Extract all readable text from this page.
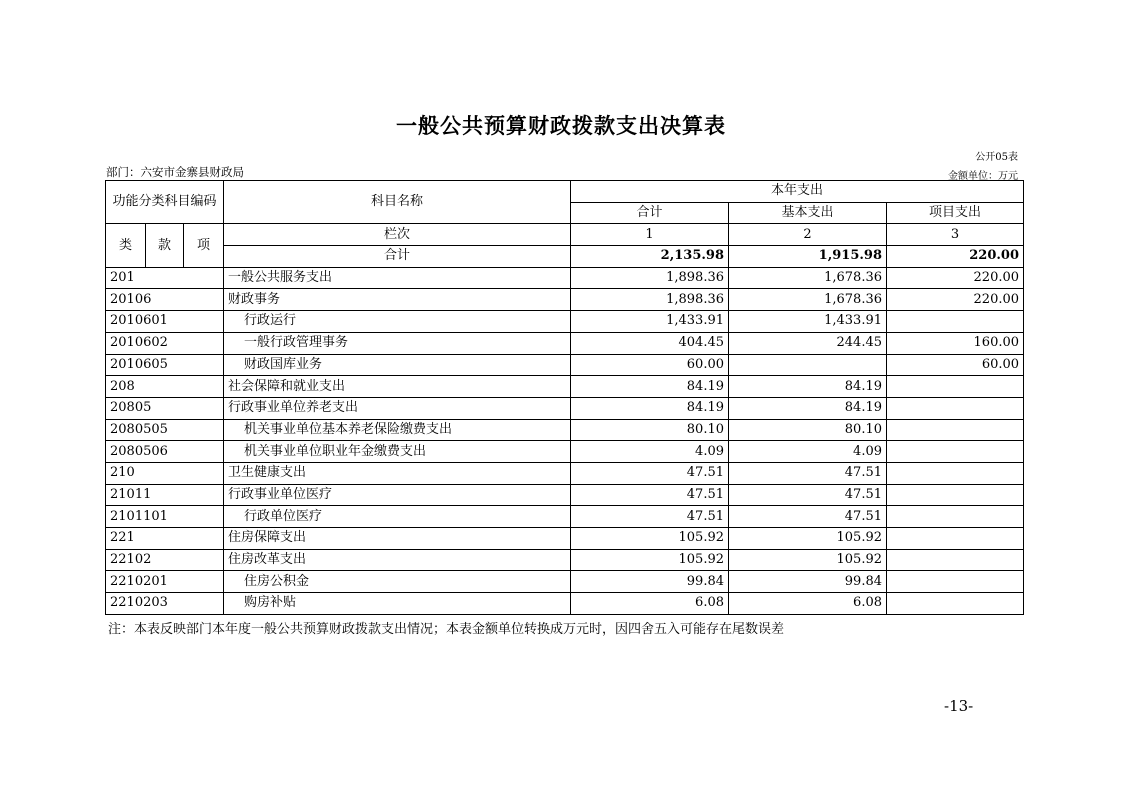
一般公共预算财政拨款支出决算表
公开05表
部门：六安市金寨县财政局	金额单位：万元
功能分类科目编码			科目名称	本年支出		
				合计	基本支出	项目支出
类	款	项	栏次	1	2	3
			合计	2,135.98	1,915.98	220.00
201			一般公共服务支出	1,898.36	1,678.36	220.00
20106			财政事务	1,898.36	1,678.36	220.00
2010601			行政运行	1,433.91	1,433.91	
2010602			一般行政管理事务	404.45	244.45	160.00
2010605			财政国库业务	60.00		60.00
208			社会保障和就业支出	84.19	84.19	
20805			行政事业单位养老支出	84.19	84.19	
2080505			机关事业单位基本养老保险缴费支出	80.10	80.10	
2080506			机关事业单位职业年金缴费支出	4.09	4.09	
210			卫生健康支出	47.51	47.51	
21011			行政事业单位医疗	47.51	47.51	
2101101			行政单位医疗	47.51	47.51	
221			住房保障支出	105.92	105.92	
22102			住房改革支出	105.92	105.92	
2210201			住房公积金	99.84	99.84	
2210203			购房补贴	6.08	6.08	
注：本表反映部门本年度一般公共预算财政拨款支出情况；本表金额单位转换成万元时，因四舍五入可能存在尾数误差
-13-
